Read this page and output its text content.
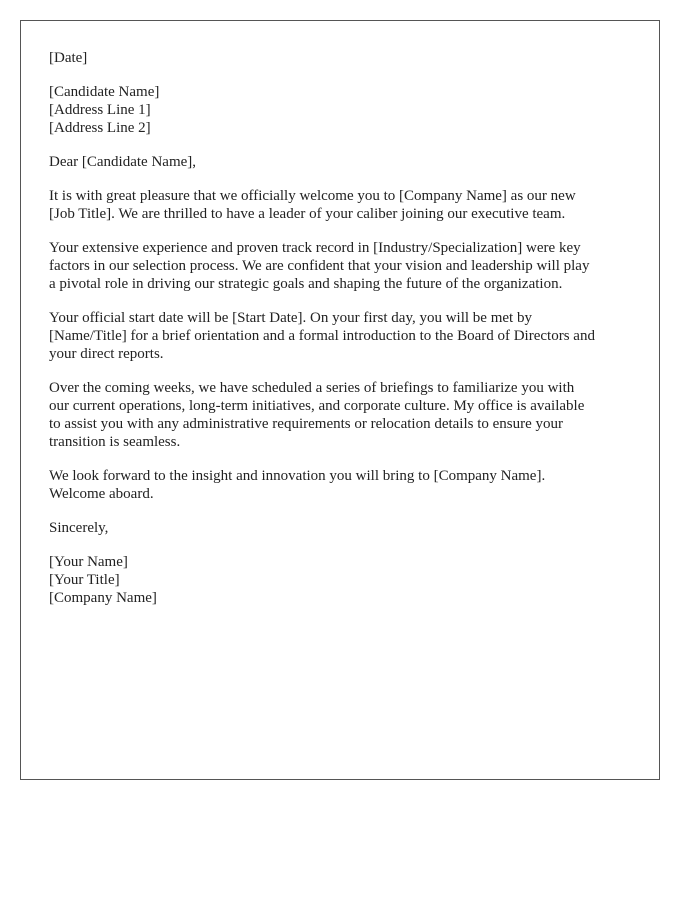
[Date]
[Candidate Name]
[Address Line 1]
[Address Line 2]
Dear [Candidate Name],
It is with great pleasure that we officially welcome you to [Company Name] as our new
[Job Title]. We are thrilled to have a leader of your caliber joining our executive team.
Your extensive experience and proven track record in [Industry/Specialization] were key
factors in our selection process. We are confident that your vision and leadership will play
a pivotal role in driving our strategic goals and shaping the future of the organization.
Your official start date will be [Start Date]. On your first day, you will be met by
[Name/Title] for a brief orientation and a formal introduction to the Board of Directors and
your direct reports.
Over the coming weeks, we have scheduled a series of briefings to familiarize you with
our current operations, long-term initiatives, and corporate culture. My office is available
to assist you with any administrative requirements or relocation details to ensure your
transition is seamless.
We look forward to the insight and innovation you will bring to [Company Name].
Welcome aboard.
Sincerely,
[Your Name]
[Your Title]
[Company Name]
